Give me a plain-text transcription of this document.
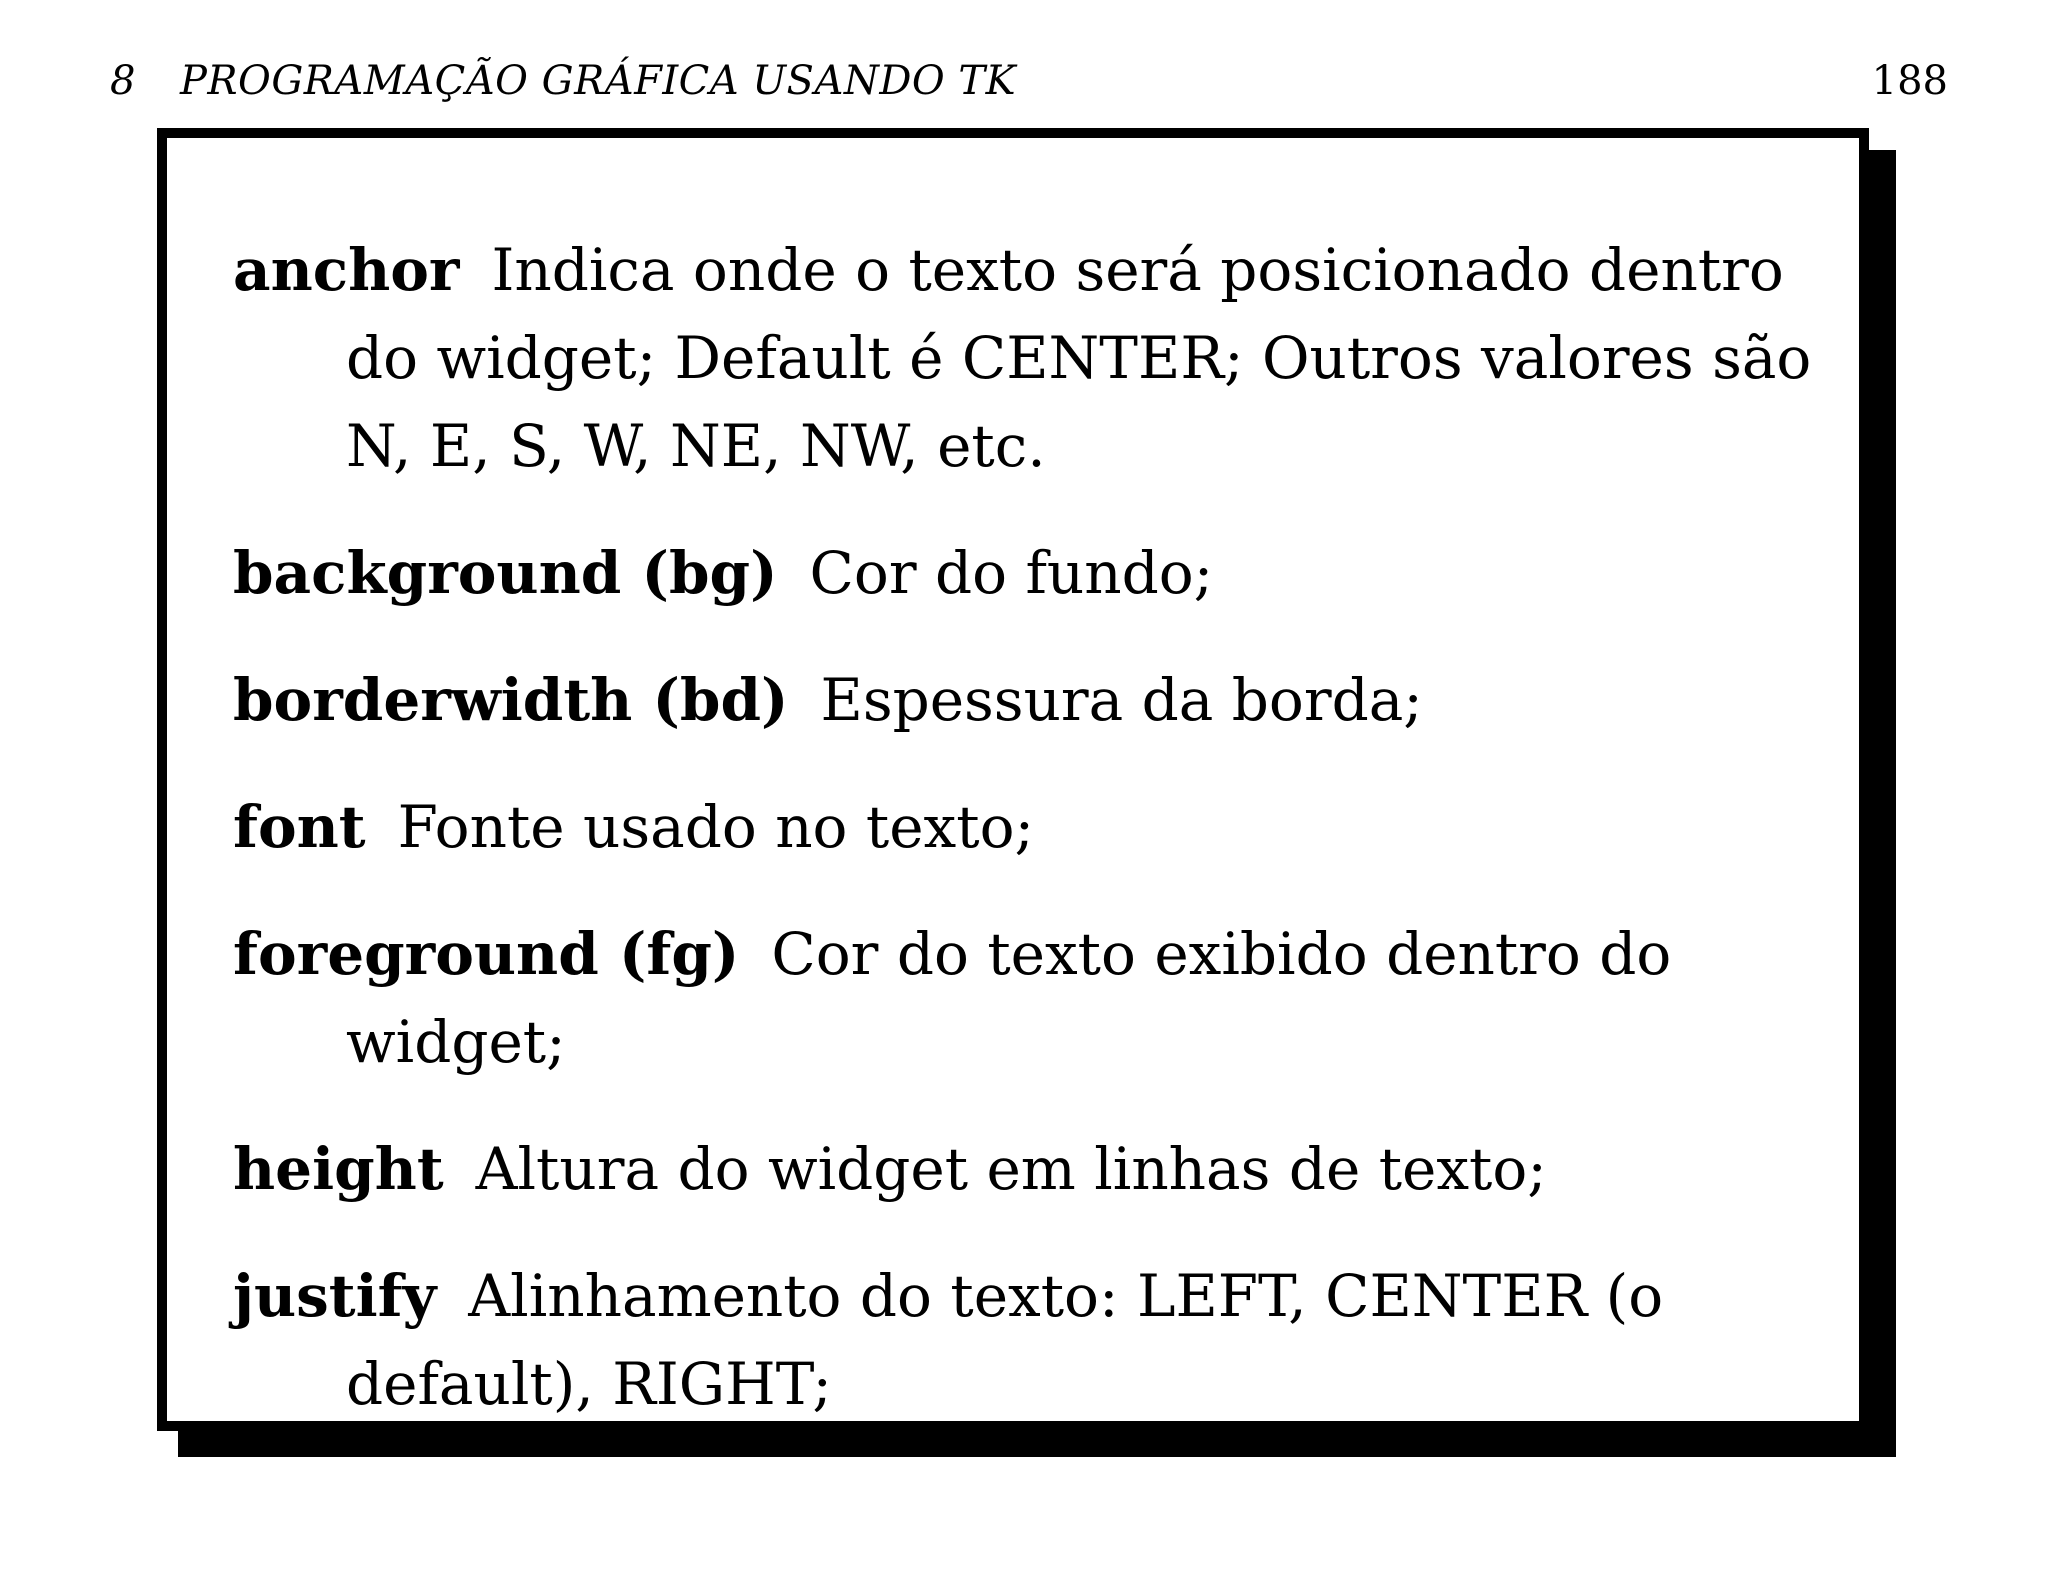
8 PROGRAMAÇÃO GRÁFICA USANDO TK	188

anchor Indica onde o texto será posicionado dentro do widget; Default é CENTER; Outros valores são N, E, S, W, NE, NW, etc.

background (bg) Cor do fundo;

borderwidth (bd) Espessura da borda;

font Fonte usado no texto;

foreground (fg) Cor do texto exibido dentro do widget;

height Altura do widget em linhas de texto;

justify Alinhamento do texto: LEFT, CENTER (o default), RIGHT;
